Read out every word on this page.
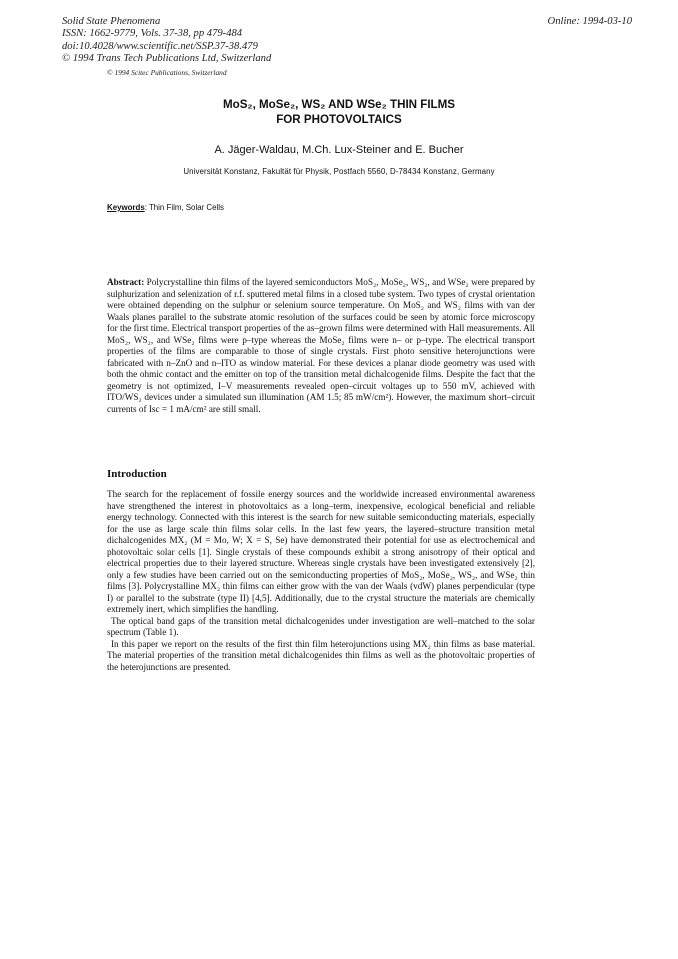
Solid State Phenomena
ISSN: 1662-9779, Vols. 37-38, pp 479-484
doi:10.4028/www.scientific.net/SSP.37-38.479
© 1994 Trans Tech Publications Ltd, Switzerland
Online: 1994-03-10
© 1994 Scitec Publications, Switzerland
MoS₂, MoSe₂, WS₂ AND WSe₂ THIN FILMS
FOR PHOTOVOLTAICS
A. Jäger-Waldau, M.Ch. Lux-Steiner and E. Bucher
Universität Konstanz, Fakultät für Physik, Postfach 5560, D-78434 Konstanz, Germany
Keywords: Thin Film, Solar Cells
Abstract: Polycrystalline thin films of the layered semiconductors MoS₂, MoSe₂, WS₂, and WSe₂ were prepared by sulphurization and selenization of r.f. sputtered metal films in a closed tube system. Two types of crystal orientation were obtained depending on the sulphur or selenium source temperature. On MoS₂ and WS₂ films with van der Waals planes parallel to the substrate atomic resolution of the surfaces could be seen by atomic force microscopy for the first time. Electrical transport properties of the as–grown films were determined with Hall measurements. All MoS₂, WS₂, and WSe₂ films were p–type whereas the MoSe₂ films were n– or p–type. The electrical transport properties of the films are comparable to those of single crystals. First photo sensitive heterojunctions were fabricated with n–ZnO and n–ITO as window material. For these devices a planar diode geometry was used with both the ohmic contact and the emitter on top of the transition metal dichalcogenide films. Despite the fact that the geometry is not optimized, I–V measurements revealed open–circuit voltages up to 550 mV, achieved with ITO/WS₂ devices under a simulated sun illumination (AM 1.5; 85 mW/cm²). However, the maximum short–circuit currents of Isc = 1 mA/cm² are still small.
Introduction

The search for the replacement of fossile energy sources and the worldwide increased environmental awareness have strengthened the interest in photovoltaics as a long–term, inexpensive, ecological beneficial and reliable energy technology. Connected with this interest is the search for new suitable semiconducting materials, especially for the use as large scale thin films solar cells. In the last few years, the layered–structure transition metal dichalcogenides MX₂ (M = Mo, W; X = S, Se) have demonstrated their potential for use as electrochemical and photovoltaic solar cells [1]. Single crystals of these compounds exhibit a strong anisotropy of their optical and electrical properties due to their layered structure. Whereas single crystals have been investigated extensively [2], only a few studies have been carried out on the semiconducting properties of MoS₂, MoSe₂, WS₂, and WSe₂ thin films [3]. Polycrystalline MX₂ thin films can either grow with the van der Waals (vdW) planes perpendicular (type I) or parallel to the substrate (type II) [4,5]. Additionally, due to the crystal structure the materials are chemically extremely inert, which simplifies the handling.

The optical band gaps of the transition metal dichalcogenides under investigation are well–matched to the solar spectrum (Table 1).

In this paper we report on the results of the first thin film heterojunctions using MX₂ thin films as base material. The material properties of the transition metal dichalcogenides thin films as well as the photovoltaic properties of the heterojunctions are presented.
